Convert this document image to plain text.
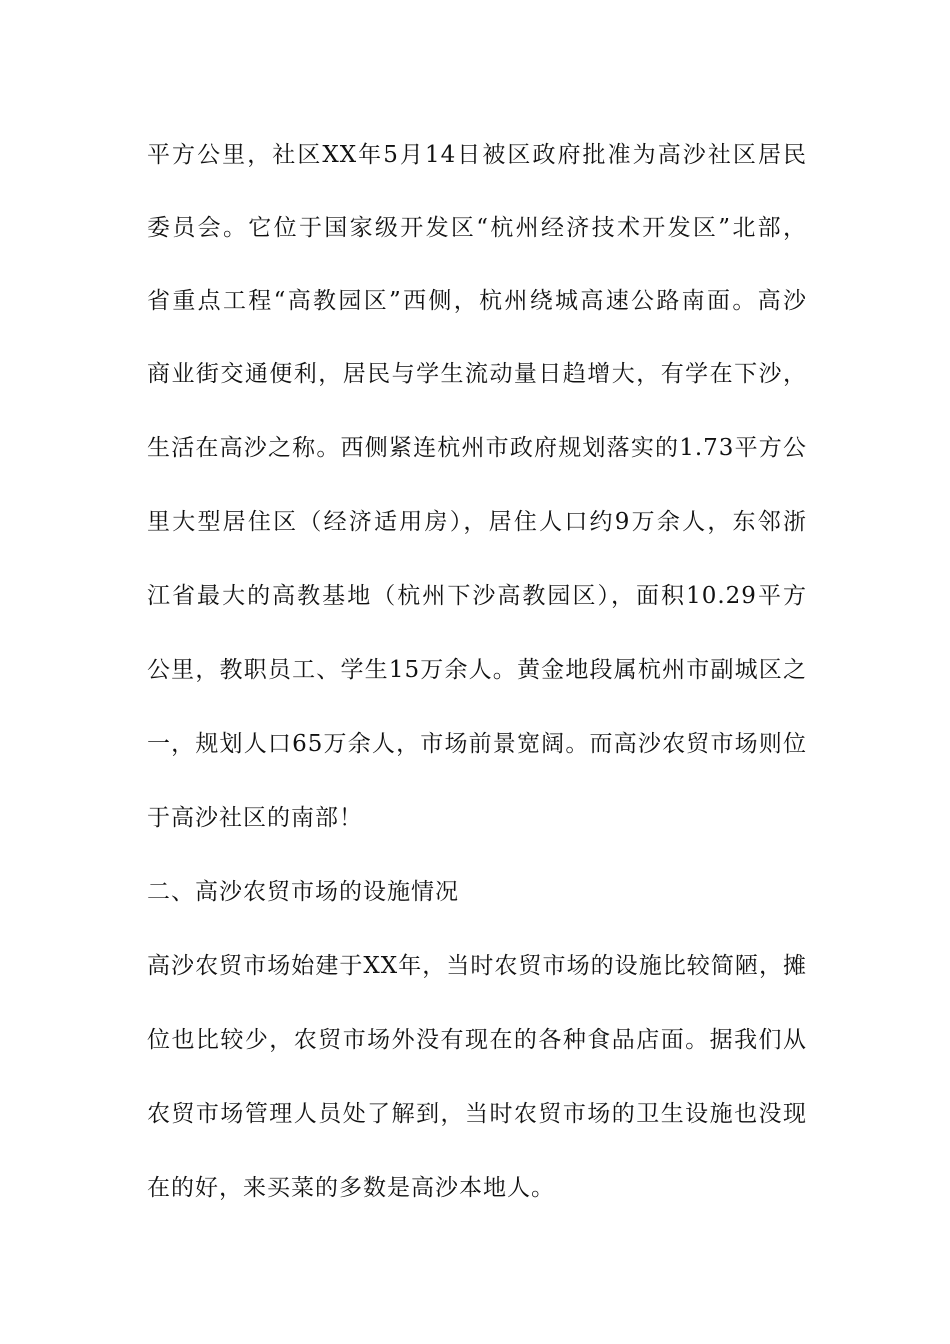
平方公里，社区XX年5月14日被区政府批准为高沙社区居民
委员会。它位于国家级开发区“杭州经济技术开发区”北部，
省重点工程“高教园区”西侧，杭州绕城高速公路南面。高沙
商业街交通便利，居民与学生流动量日趋增大，有学在下沙，
生活在高沙之称。西侧紧连杭州市政府规划落实的1.73平方公
里大型居住区（经济适用房），居住人口约9万余人，东邻浙
江省最大的高教基地（杭州下沙高教园区），面积10.29平方
公里，教职员工、学生15万余人。黄金地段属杭州市副城区之
一，规划人口65万余人，市场前景宽阔。而高沙农贸市场则位
于高沙社区的南部！
二、高沙农贸市场的设施情况
高沙农贸市场始建于XX年，当时农贸市场的设施比较简陋，摊
位也比较少，农贸市场外没有现在的各种食品店面。据我们从
农贸市场管理人员处了解到，当时农贸市场的卫生设施也没现
在的好，来买菜的多数是高沙本地人。
